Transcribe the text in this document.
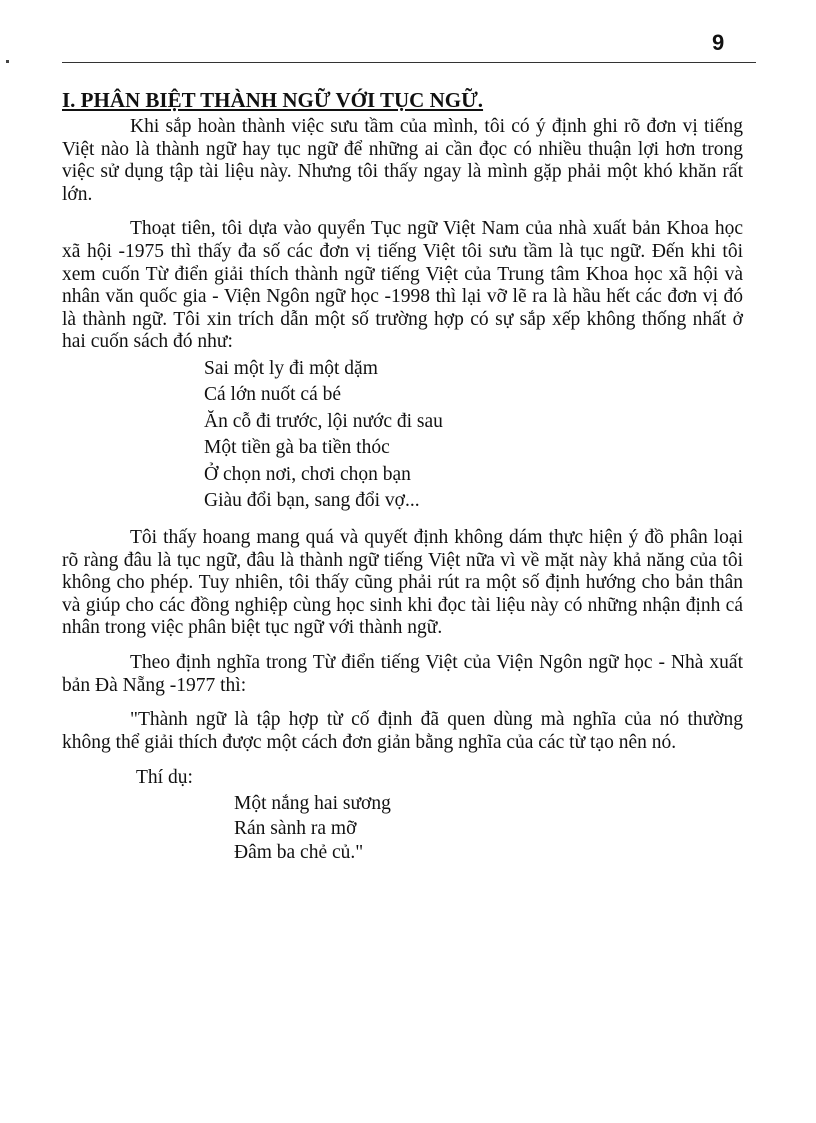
9
I. PHÂN BIỆT THÀNH NGỮ VỚI TỤC NGỮ.

Khi sắp hoàn thành việc sưu tầm của mình, tôi có ý định ghi rõ đơn vị tiếng Việt nào là thành ngữ hay tục ngữ để những ai cần đọc có nhiều thuận lợi hơn trong việc sử dụng tập tài liệu này. Nhưng tôi thấy ngay là mình gặp phải một khó khăn rất lớn.

Thoạt tiên, tôi dựa vào quyển Tục ngữ Việt Nam của nhà xuất bản Khoa học xã hội -1975 thì thấy đa số các đơn vị tiếng Việt tôi sưu tầm là tục ngữ. Đến khi tôi xem cuốn Từ điển giải thích thành ngữ tiếng Việt của Trung tâm Khoa học xã hội và nhân văn quốc gia - Viện Ngôn ngữ học -1998 thì lại vỡ lẽ ra là hầu hết các đơn vị đó là thành ngữ. Tôi xin trích dẫn một số trường hợp có sự sắp xếp không thống nhất ở hai cuốn sách đó như:

Sai một ly đi một dặm
Cá lớn nuốt cá bé
Ăn cỗ đi trước, lội nước đi sau
Một tiền gà ba tiền thóc
Ở chọn nơi, chơi chọn bạn
Giàu đổi bạn, sang đổi vợ...

Tôi thấy hoang mang quá và quyết định không dám thực hiện ý đồ phân loại rõ ràng đâu là tục ngữ, đâu là thành ngữ tiếng Việt nữa vì về mặt này khả năng của tôi không cho phép. Tuy nhiên, tôi thấy cũng phải rút ra một số định hướng cho bản thân và giúp cho các đồng nghiệp cùng học sinh khi đọc tài liệu này có những nhận định cá nhân trong việc phân biệt tục ngữ với thành ngữ.

Theo định nghĩa trong Từ điển tiếng Việt của Viện Ngôn ngữ học - Nhà xuất bản Đà Nẵng -1977 thì:

"Thành ngữ là tập hợp từ cố định đã quen dùng mà nghĩa của nó thường không thể giải thích được một cách đơn giản bằng nghĩa của các từ tạo nên nó.

Thí dụ:
Một nắng hai sương
Rán sành ra mỡ
Đâm ba chẻ củ."
